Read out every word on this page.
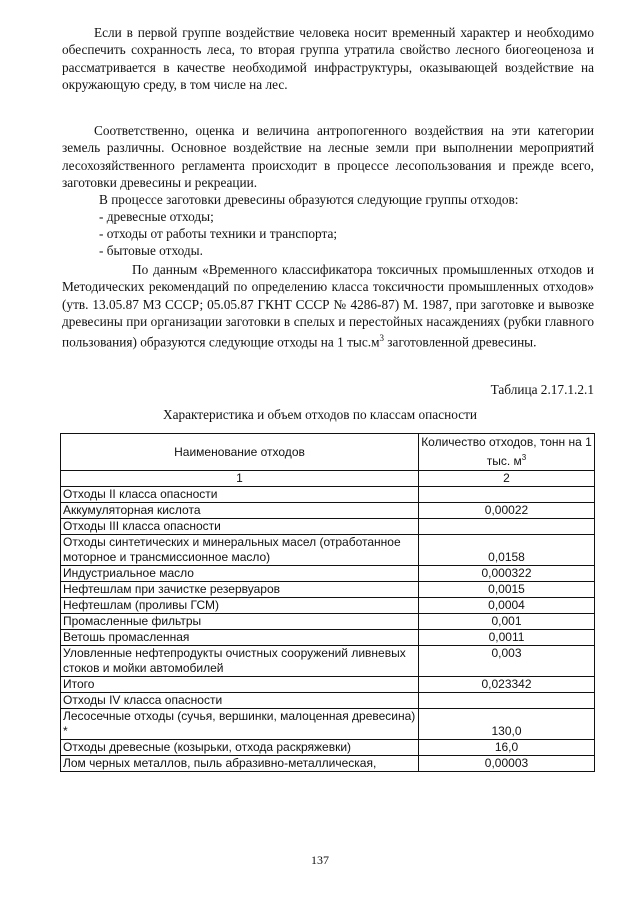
Если в первой группе воздействие человека носит временный характер и необходимо обеспечить сохранность леса, то вторая группа утратила свойство лесного биогеоценоза и рассматривается в качестве необходимой инфраструктуры, оказывающей воздействие на окружающую среду, в том числе на лес.

Соответственно, оценка и величина антропогенного воздействия на эти категории земель различны. Основное воздействие на лесные земли при выполнении мероприятий лесохозяйственного регламента происходит в процессе лесопользования и прежде всего, заготовки древесины и рекреации.

В процессе заготовки древесины образуются следующие группы отходов:

- древесные отходы;

- отходы от работы техники и транспорта;

- бытовые отходы.

По данным «Временного классификатора токсичных промышленных отходов и Методических рекомендаций по определению класса токсичности промышленных отходов» (утв. 13.05.87 МЗ СССР; 05.05.87 ГКНТ СССР № 4286-87) М. 1987, при заготовке и вывозке древесины при организации заготовки в спелых и перестойных насаждениях (рубки главного пользования) образуются следующие отходы на 1 $тыс.м^3$ заготовленной древесины.

Таблица 2.17.1.2.1
Характеристика и объем отходов по классам опасности
Наименование отходов	Количество отходов, тонн на 1 тыс. $м^3$
1	2
Отходы II класса опасности	
Аккумуляторная кислота	0,00022
Отходы III класса опасности	
Отходы синтетических и минеральных масел (отработанное моторное и трансмиссионное масло)	0,0158
Индустриальное масло	0,000322
Нефтешлам при зачистке резервуаров	0,0015
Нефтешлам (проливы ГСМ)	0,0004
Промасленные фильтры	0,001
Ветошь промасленная	0,0011
Уловленные нефтепродукты очистных сооружений ливневых стоков и мойки автомобилей	0,003
Итого	0,023342
Отходы IV класса опасности	
Лесосечные отходы (сучья, вершинки, малоценная древесина) *	130,0
Отходы древесные (козырьки, отхода раскряжевки)	16,0
Лом черных металлов, пыль абразивно-металлическая,	0,00003
137
